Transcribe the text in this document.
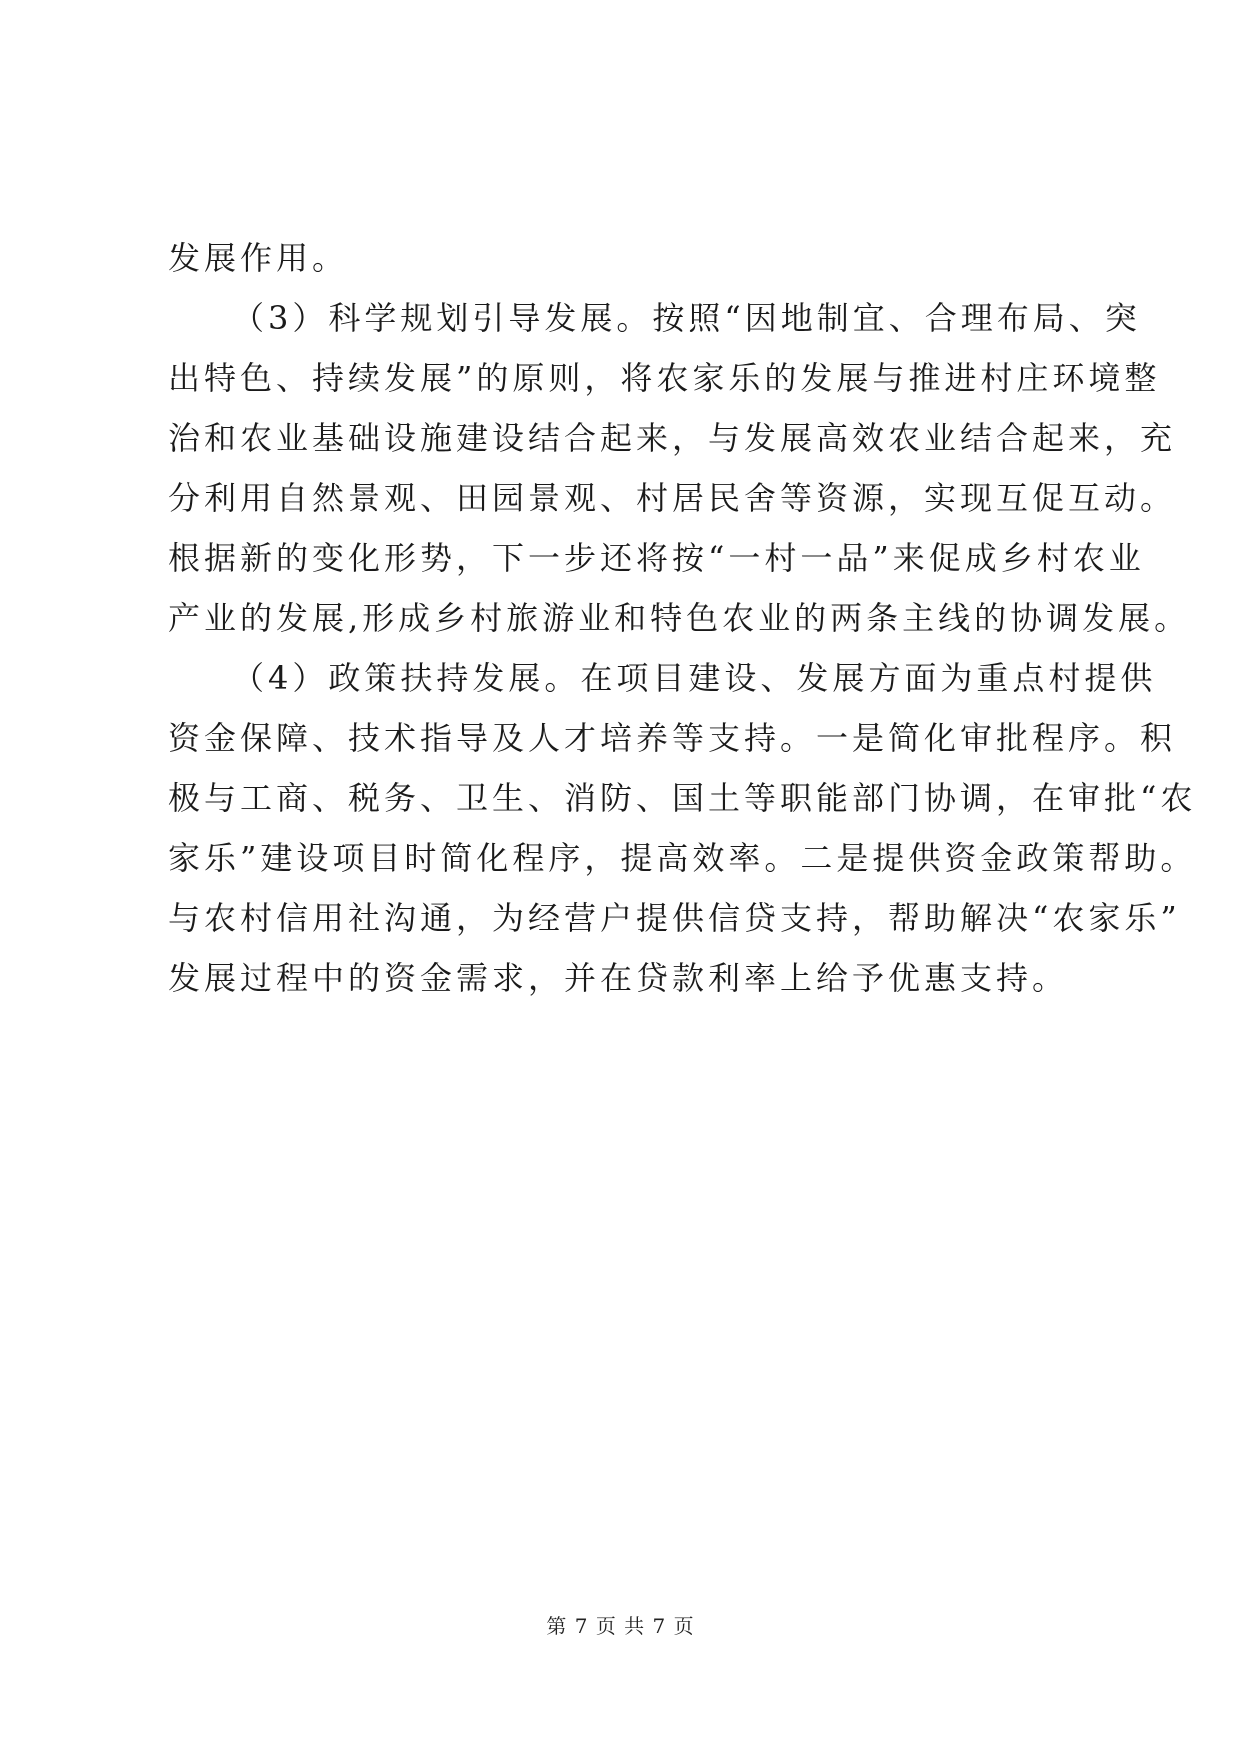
发展作用。
（3）科学规划引导发展。按照“因地制宜、合理布局、突
出特色、持续发展”的原则，将农家乐的发展与推进村庄环境整
治和农业基础设施建设结合起来，与发展高效农业结合起来，充
分利用自然景观、田园景观、村居民舍等资源，实现互促互动。
根据新的变化形势，下一步还将按“一村一品”来促成乡村农业
产业的发展,形成乡村旅游业和特色农业的两条主线的协调发展。
（4）政策扶持发展。在项目建设、发展方面为重点村提供
资金保障、技术指导及人才培养等支持。一是简化审批程序。积
极与工商、税务、卫生、消防、国土等职能部门协调，在审批“农
家乐”建设项目时简化程序，提高效率。二是提供资金政策帮助。
与农村信用社沟通，为经营户提供信贷支持，帮助解决“农家乐”
发展过程中的资金需求，并在贷款利率上给予优惠支持。
第 7 页 共 7 页
